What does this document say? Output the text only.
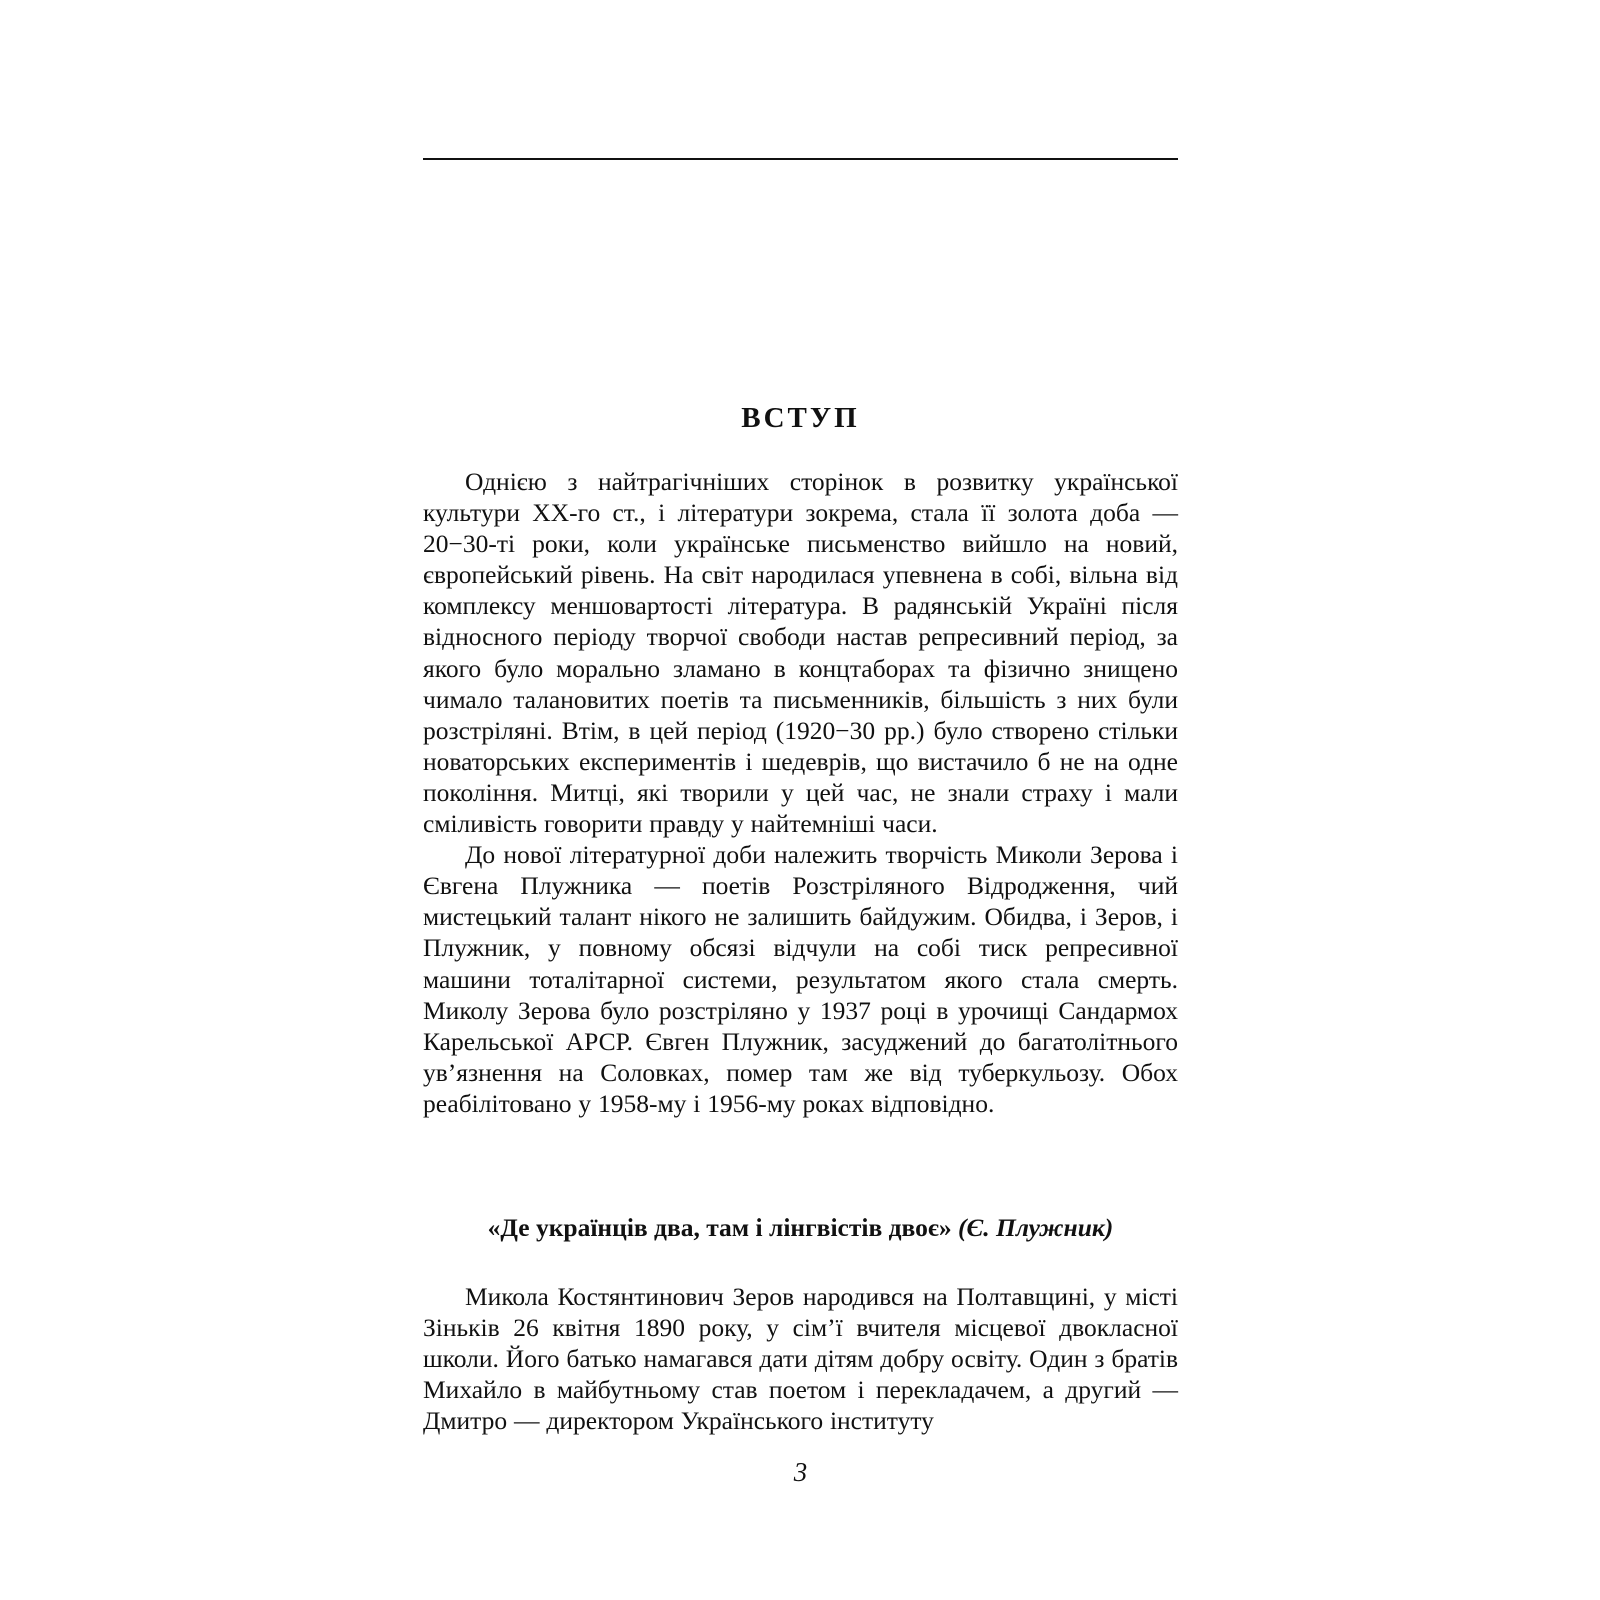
ВСТУП

Однією з найтрагічніших сторінок в розвитку української культури XX-го ст., і літератури зокрема, стала її золота доба — 20−30-ті роки, коли українське письменство вийшло на новий, європейський рівень. На світ народилася упевнена в собі, вільна від комплексу меншовартості література. В радянській Україні після відносного періоду творчої свободи настав репресивний період, за якого було морально зламано в концтаборах та фізично знищено чимало талановитих поетів та письменників, більшість з них були розстріляні. Втім, в цей період (1920−30 рр.) було створено стільки новаторських експериментів і шедеврів, що вистачило б не на одне покоління. Митці, які творили у цей час, не знали страху і мали сміливість говорити правду у найтемніші часи.

До нової літературної доби належить творчість Миколи Зерова і Євгена Плужника — поетів Розстріляного Відродження, чий мистецький талант нікого не залишить байдужим. Обидва, і Зеров, і Плужник, у повному обсязі відчули на собі тиск репресивної машини тоталітарної системи, результатом якого стала смерть. Миколу Зерова було розстріляно у 1937 році в урочищі Сандармох Карельської АРСР. Євген Плужник, засуджений до багатолітнього ув’язнення на Соловках, помер там же від туберкульозу. Обох реабілітовано у 1958-му і 1956-му роках відповідно.

«Де українців два, там і лінгвістів двоє» (Є. Плужник)

Микола Костянтинович Зеров народився на Полтавщині, у місті Зіньків 26 квітня 1890 року, у сім’ї вчителя місцевої двокласної школи. Його батько намагався дати дітям добру освіту. Один з братів Михайло в майбутньому став поетом і перекладачем, а другий — Дмитро — директором Українського інституту

3
